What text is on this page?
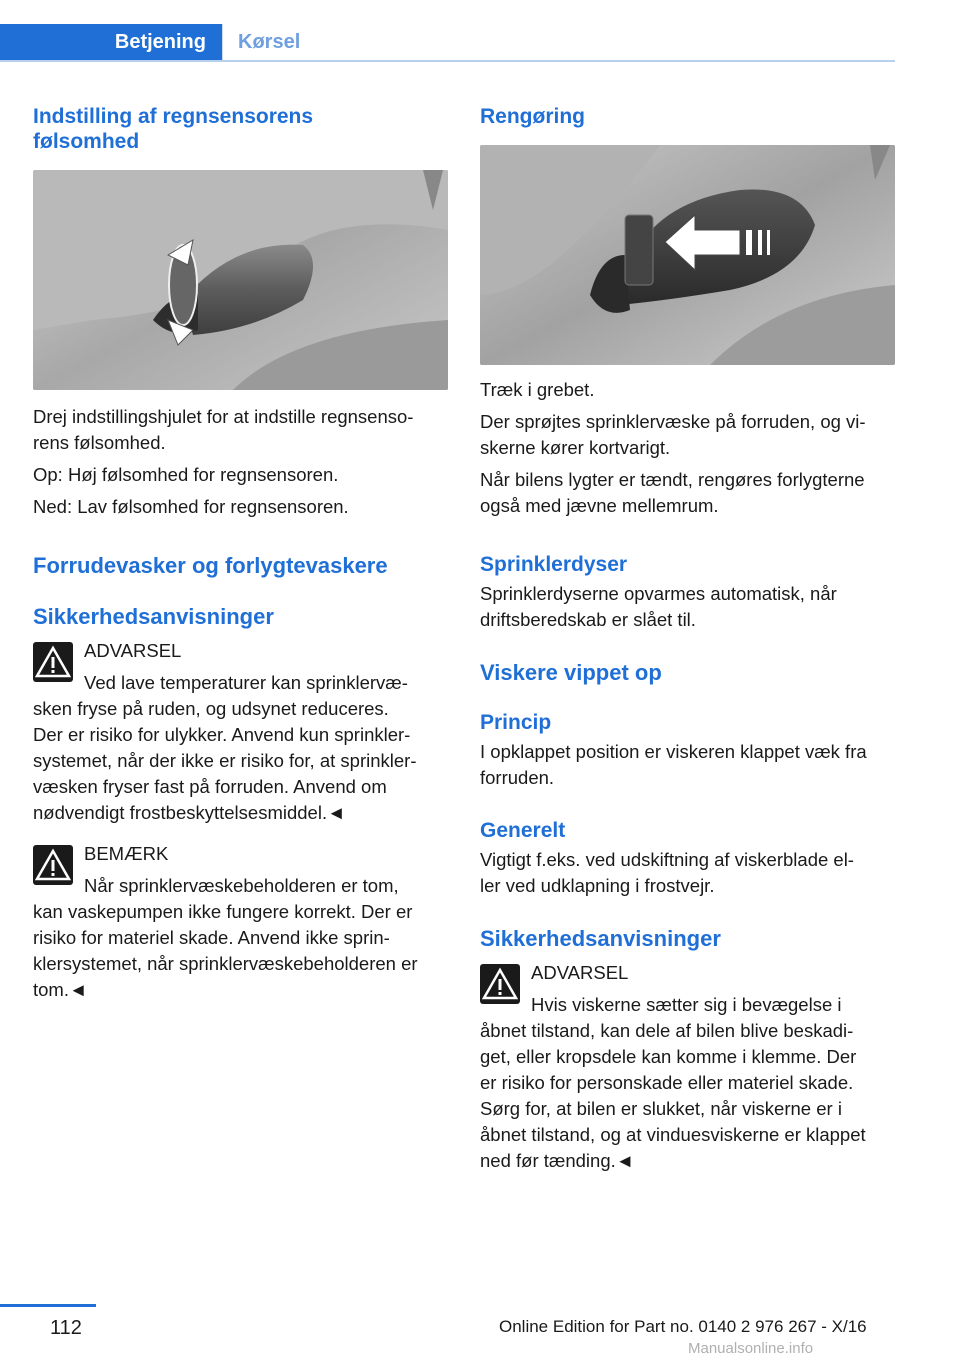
Betjening	Kørsel
Indstilling af regnsensorens
følsomhed

Drej indstillingshjulet for at indstille regnsenso-
rens følsomhed.

Op: Høj følsomhed for regnsensoren.

Ned: Lav følsomhed for regnsensoren.

Forrudevasker og forlygtevaskere
Sikkerhedsanvisninger

ADVARSEL

Ved lave temperaturer kan sprinklervæ-

sken fryse på ruden, og udsynet reduceres.

Der er risiko for ulykker. Anvend kun sprinkler-

systemet, når der ikke er risiko for, at sprinkler-

væsken fryser fast på forruden. Anvend om

nødvendigt frostbeskyttelsesmiddel.◄

BEMÆRK

Når sprinklervæskebeholderen er tom,

kan vaskepumpen ikke fungere korrekt. Der er

risiko for materiel skade. Anvend ikke sprin-

klersystemet, når sprinklervæskebeholderen er

tom.◄

Rengøring

Træk i grebet.

Der sprøjtes sprinklervæske på forruden, og vi-
skerne kører kortvarigt.

Når bilens lygter er tændt, rengøres forlygterne
også med jævne mellemrum.

Sprinklerdyser

Sprinklerdyserne opvarmes automatisk, når
driftsberedskab er slået til.

Viskere vippet op
Princip

I opklappet position er viskeren klappet væk fra
forruden.

Generelt

Vigtigt f.eks. ved udskiftning af viskerblade el-
ler ved udklapning i frostvejr.

Sikkerhedsanvisninger

ADVARSEL

Hvis viskerne sætter sig i bevægelse i

åbnet tilstand, kan dele af bilen blive beskadi-

get, eller kropsdele kan komme i klemme. Der

er risiko for personskade eller materiel skade.

Sørg for, at bilen er slukket, når viskerne er i

åbnet tilstand, og at vinduesviskerne er klappet

ned før tænding.◄

112	Online Edition for Part no. 0140 2 976 267 - X/16
Manualsonline.info
